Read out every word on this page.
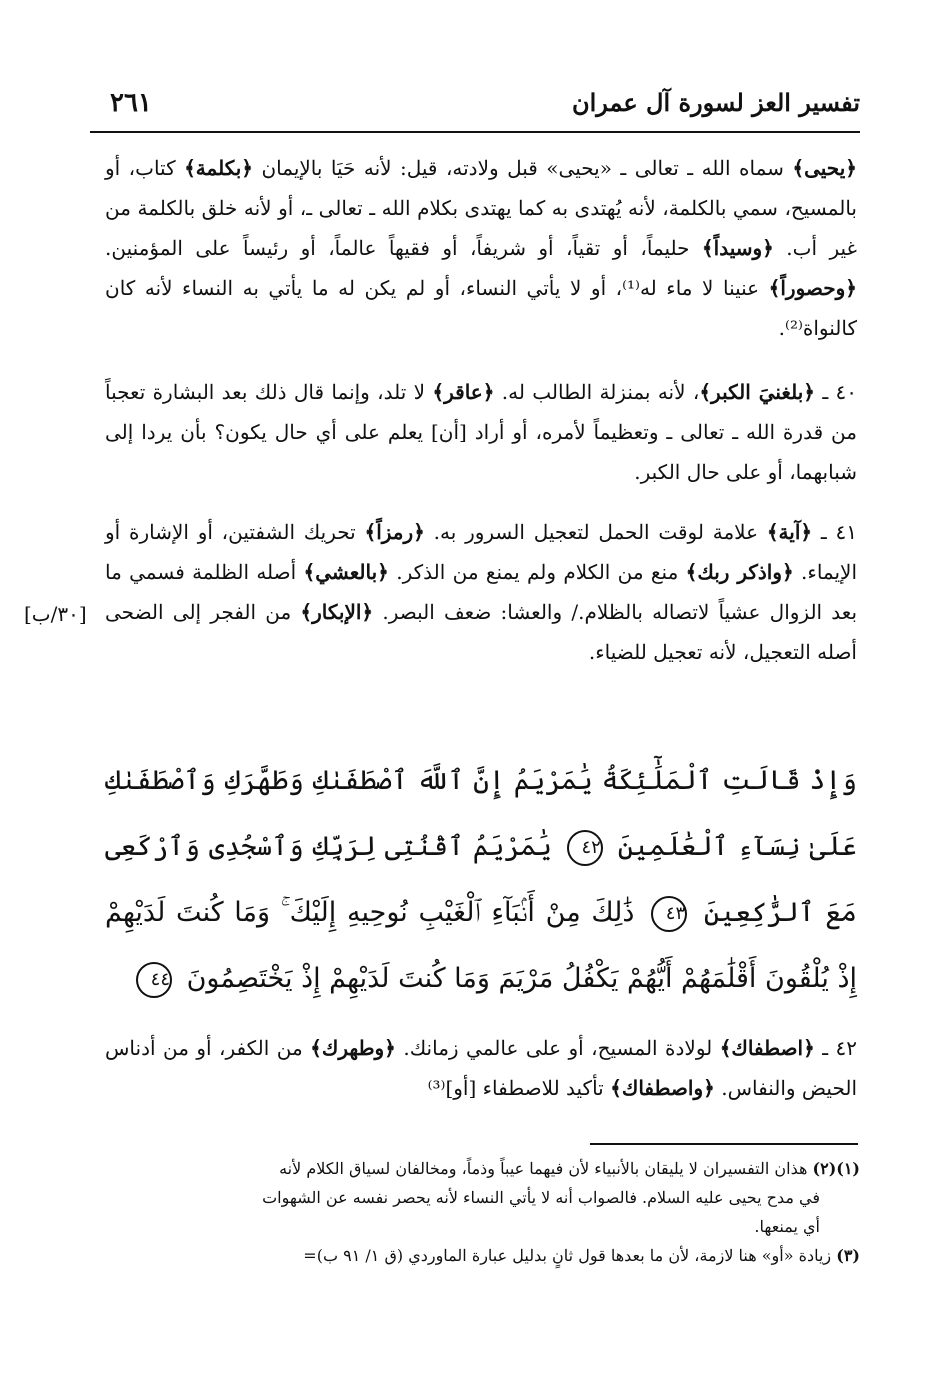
تفسير العز لسورة آل عمران
٢٦١

﴿يحيى﴾ سماه الله ـ تعالى ـ «يحيى» قبل ولادته، قيل: لأنه حَيَا بالإيمان ﴿بكلمة﴾ كتاب، أو بالمسيح، سمي بالكلمة، لأنه يُهتدى به كما يهتدى بكلام الله ـ تعالى ـ، أو لأنه خلق بالكلمة من غير أب. ﴿وسيداً﴾ حليماً، أو تقياً، أو شريفاً، أو فقيهاً عالماً، أو رئيساً على المؤمنين. ﴿وحصوراً﴾ عنينا لا ماء له⁽¹⁾، أو لا يأتي النساء، أو لم يكن له ما يأتي به النساء لأنه كان كالنواة⁽²⁾.

٤٠ ـ ﴿بلغنيَ الكبر﴾، لأنه بمنزلة الطالب له. ﴿عاقر﴾ لا تلد، وإنما قال ذلك بعد البشارة تعجباً من قدرة الله ـ تعالى ـ وتعظيماً لأمره، أو أراد [أن] يعلم على أي حال يكون؟ بأن يردا إلى شبابهما، أو على حال الكبر.

٤١ ـ ﴿آية﴾ علامة لوقت الحمل لتعجيل السرور به. ﴿رمزاً﴾ تحريك الشفتين، أو الإشارة أو الإيماء. ﴿واذكر ربك﴾ منع من الكلام ولم يمنع من الذكر. ﴿بالعشي﴾ أصله الظلمة فسمي ما بعد الزوال عشياً لاتصاله بالظلام./ والعشا: ضعف البصر. ﴿الإبكار﴾ من الفجر إلى الضحى أصله التعجيل، لأنه تعجيل للضياء.

[٣٠/ب]

وَإِذْ قَالَتِ ٱلْمَلَٰٓئِكَةُ يَٰمَرْيَمُ إِنَّ ٱللَّهَ ٱصْطَفَىٰكِ وَطَهَّرَكِ وَٱصْطَفَىٰكِ عَلَىٰ نِسَآءِ ٱلْعَٰلَمِينَ ٤٢ يَٰمَرْيَمُ ٱقْنُتِى لِرَبِّكِ وَٱسْجُدِى وَٱرْكَعِى مَعَ ٱلرَّٰكِعِينَ ٤٣ ذَٰلِكَ مِنْ أَنۢبَآءِ ٱلْغَيْبِ نُوحِيهِ إِلَيْكَ ۚ وَمَا كُنتَ لَدَيْهِمْ إِذْ يُلْقُونَ أَقْلَٰمَهُمْ أَيُّهُمْ يَكْفُلُ مَرْيَمَ وَمَا كُنتَ لَدَيْهِمْ إِذْ يَخْتَصِمُونَ ٤٤

٤٢ ـ ﴿اصطفاك﴾ لولادة المسيح، أو على عالمي زمانك. ﴿وطهرك﴾ من الكفر، أو من أدناس الحيض والنفاس. ﴿واصطفاك﴾ تأكيد للاصطفاء [أو]⁽³⁾

(١)(٢) هذان التفسيران لا يليقان بالأنبياء لأن فيهما عيباً وذماً، ومخالفان لسياق الكلام لأنه

في مدح يحيى عليه السلام. فالصواب أنه لا يأتي النساء لأنه يحصر نفسه عن الشهوات

أي يمنعها.

(٣) زيادة «أو» هنا لازمة، لأن ما بعدها قول ثانٍ بدليل عبارة الماوردي (ق ١/ ٩١ ب)=
